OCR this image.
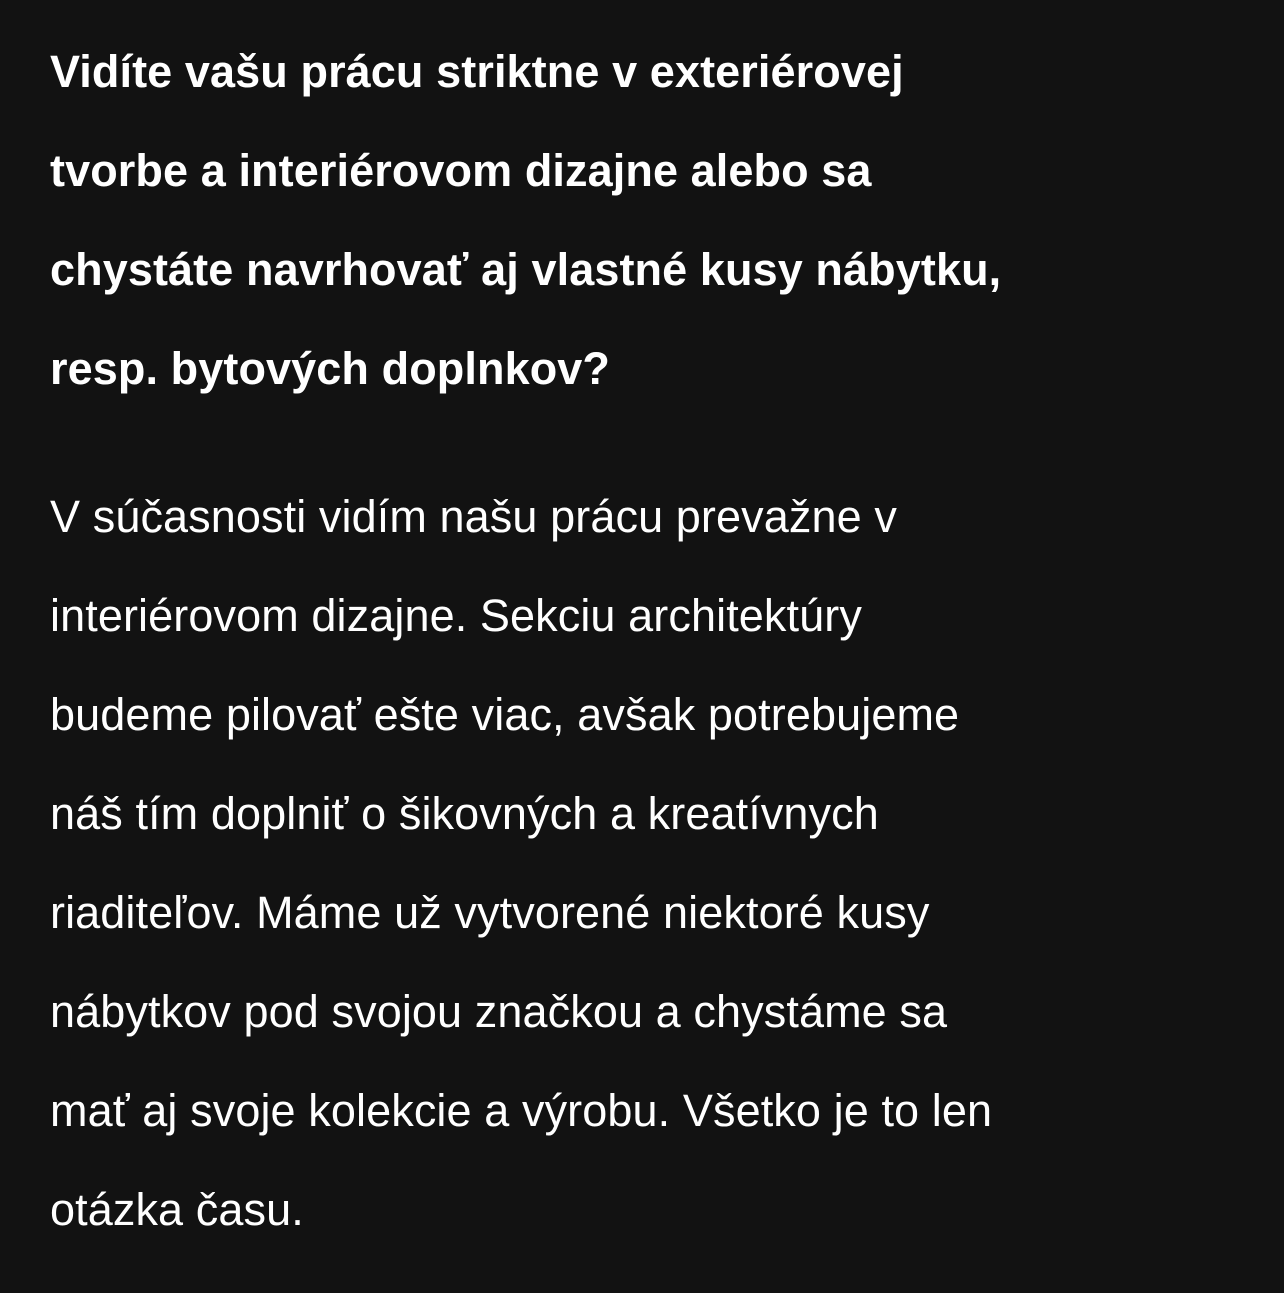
Vidíte vašu prácu striktne v exteriérovej
tvorbe a interiérovom dizajne alebo sa
chystáte navrhovať aj vlastné kusy nábytku,
resp. bytových doplnkov?

V súčasnosti vidím našu prácu prevažne v
interiérovom dizajne. Sekciu architektúry
budeme pilovať ešte viac, avšak potrebujeme
náš tím doplniť o šikovných a kreatívnych
riaditeľov. Máme už vytvorené niektoré kusy
nábytkov pod svojou značkou a chystáme sa
mať aj svoje kolekcie a výrobu. Všetko je to len
otázka času.
